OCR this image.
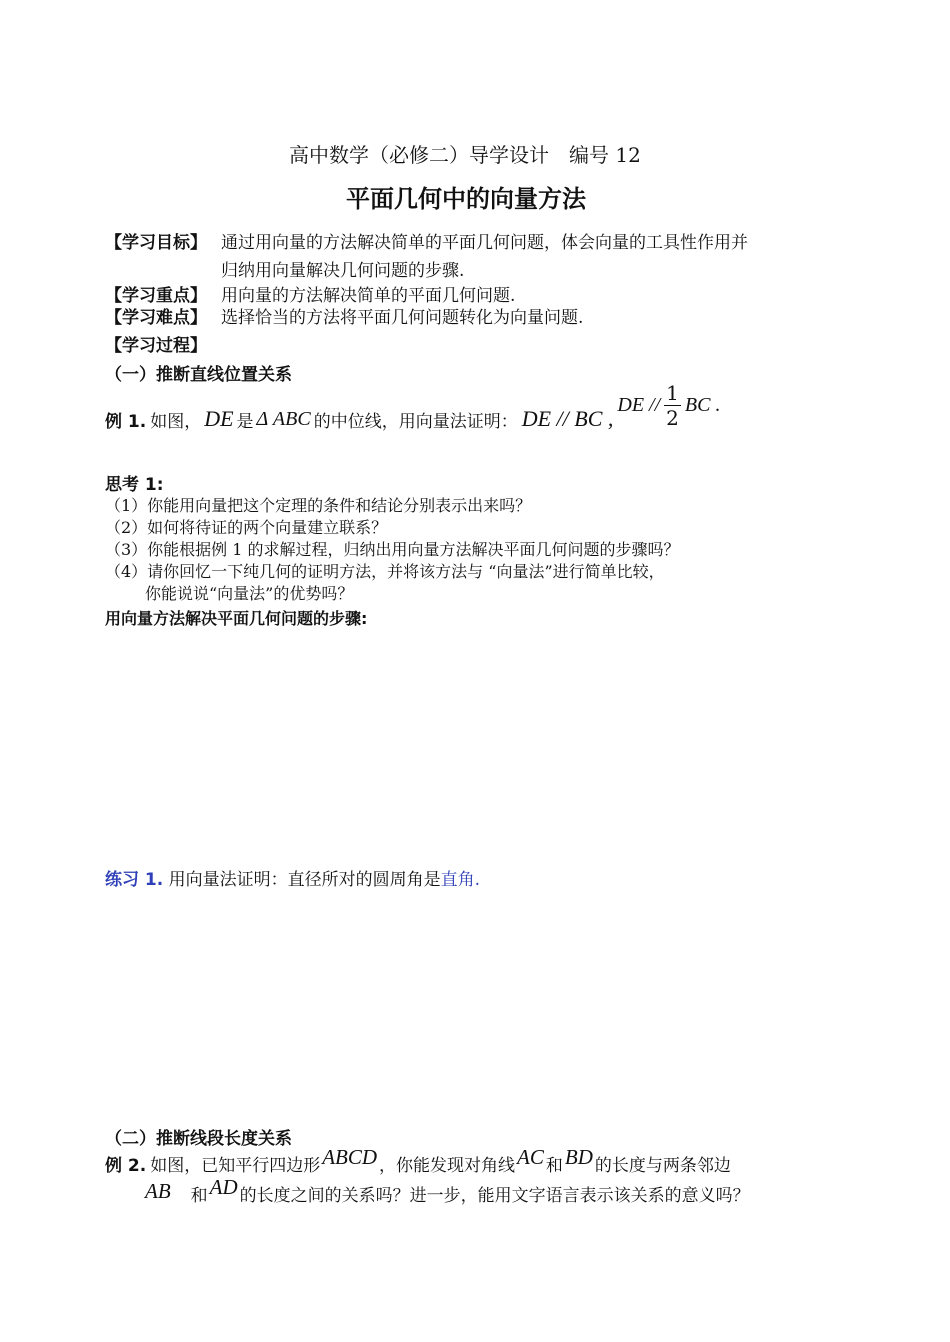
高中数学（必修二）导学设计　编号 12
平面几何中的向量方法
【学习目标】 通过用向量的方法解决简单的平面几何问题，体会向量的工具性作用并
归纳用向量解决几何问题的步骤.
【学习重点】 用向量的方法解决简单的平面几何问题.
【学习难点】 选择恰当的方法将平面几何问题转化为向量问题.
【学习过程】
（一）推断直线位置关系
例 1. 如图， DE 是 Δ ABC 的中位线，用向量法证明： DE // BC ,
DE // $\frac{1}{2}$ BC .
思考 1:
（1）你能用向量把这个定理的条件和结论分别表示出来吗？
（2）如何将待证的两个向量建立联系？
（3）你能根据例 1 的求解过程，归纳出用向量方法解决平面几何问题的步骤吗？
（4）请你回忆一下纯几何的证明方法，并将该方法与 “向量法”进行简单比较，
你能说说“向量法”的优势吗？
用向量方法解决平面几何问题的步骤:
练习 1. 用向量法证明：直径所对的圆周角是直角.
（二）推断线段长度关系
例 2. 如图，已知平行四边形 ABCD ，你能发现对角线 AC 和 BD 的长度与两条邻边
AB 和 AD 的长度之间的关系吗？进一步，能用文字语言表示该关系的意义吗？
